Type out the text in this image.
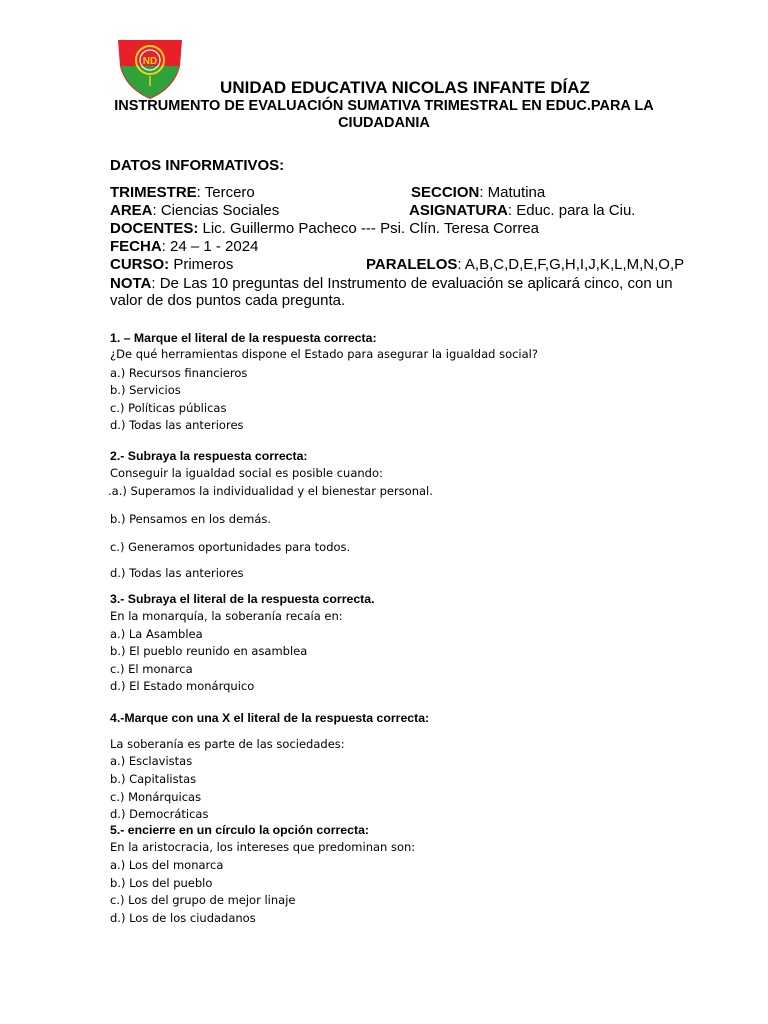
ND
UNIDAD EDUCATIVA NICOLAS INFANTE DÍAZ
INSTRUMENTO DE EVALUACIÓN SUMATIVA TRIMESTRAL EN EDUC.PARA LA
CIUDADANIA
DATOS INFORMATIVOS:
TRIMESTRE: Tercero	SECCION: Matutina
AREA: Ciencias Sociales	ASIGNATURA: Educ. para la Ciu.
DOCENTES: Lic. Guillermo Pacheco --- Psi. Clín. Teresa Correa
FECHA: 24 – 1 - 2024
CURSO: Primeros	PARALELOS: A,B,C,D,E,F,G,H,I,J,K,L,M,N,O,P
NOTA: De Las 10 preguntas del Instrumento de evaluación se aplicará cinco, con un
valor de dos puntos cada pregunta.
1. – Marque el literal de la respuesta correcta:
¿De qué herramientas dispone el Estado para asegurar la igualdad social?
a.) Recursos financieros
b.) Servicios
c.) Políticas públicas
d.) Todas las anteriores
2.- Subraya la respuesta correcta:
Conseguir la igualdad social es posible cuando:
.a.) Superamos la individualidad y el bienestar personal.
b.) Pensamos en los demás.
c.) Generamos oportunidades para todos.
d.) Todas las anteriores
3.- Subraya el literal de la respuesta correcta.
En la monarquía, la soberanía recaía en:
a.) La Asamblea
b.) El pueblo reunido en asamblea
c.) El monarca
d.) El Estado monárquico
4.-Marque con una X el literal de la respuesta correcta:
La soberanía es parte de las sociedades:
a.) Esclavistas
b.) Capitalistas
c.) Monárquicas
d.) Democráticas
5.- encierre en un círculo la opción correcta:
En la aristocracia, los intereses que predominan son:
a.) Los del monarca
b.) Los del pueblo
c.) Los del grupo de mejor linaje
d.) Los de los ciudadanos
